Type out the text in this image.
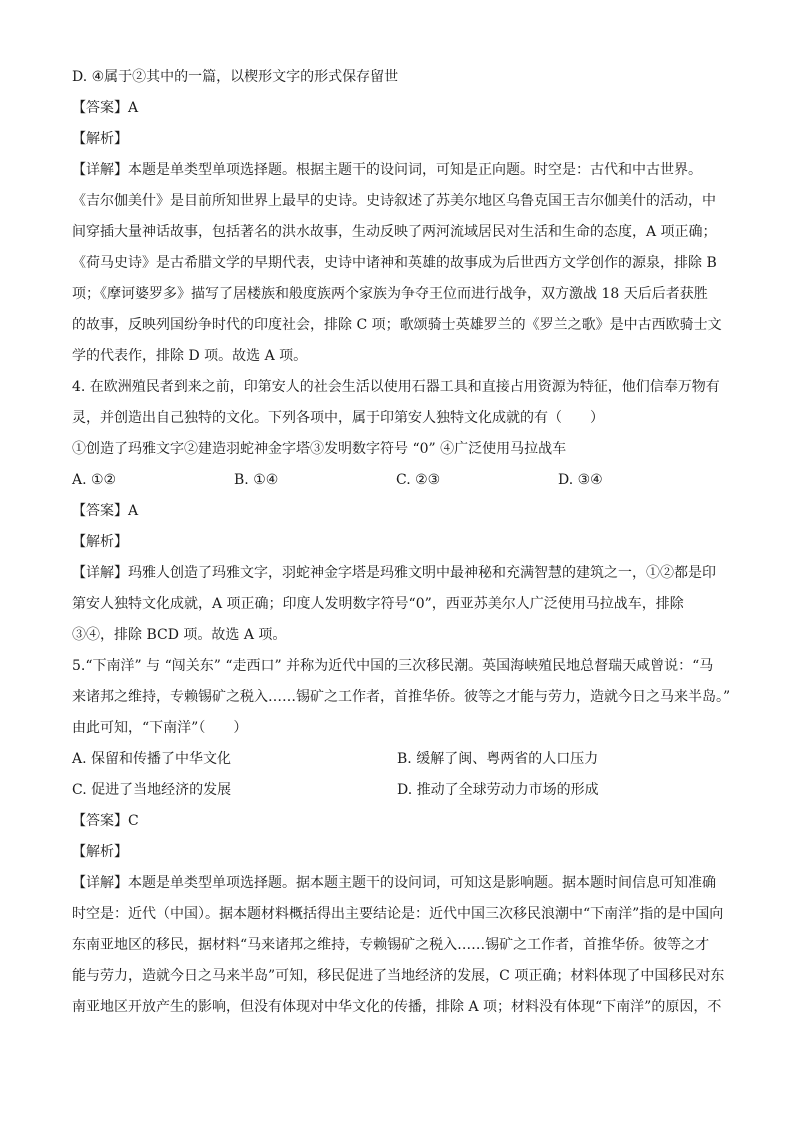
D. ④属于②其中的一篇，以楔形文字的形式保存留世
【答案】A
【解析】
【详解】本题是单类型单项选择题。根据主题干的设问词，可知是正向题。时空是：古代和中古世界。
《吉尔伽美什》是目前所知世界上最早的史诗。史诗叙述了苏美尔地区乌鲁克国王吉尔伽美什的活动，中
间穿插大量神话故事，包括著名的洪水故事，生动反映了两河流域居民对生活和生命的态度，A 项正确；
《荷马史诗》是古希腊文学的早期代表，史诗中诸神和英雄的故事成为后世西方文学创作的源泉，排除 B
项；《摩诃婆罗多》描写了居楼族和般度族两个家族为争夺王位而进行战争，双方激战 18 天后后者获胜
的故事，反映列国纷争时代的印度社会，排除 C 项；歌颂骑士英雄罗兰的《罗兰之歌》是中古西欧骑士文
学的代表作，排除 D 项。故选 A 项。
4. 在欧洲殖民者到来之前，印第安人的社会生活以使用石器工具和直接占用资源为特征，他们信奉万物有
灵，并创造出自己独特的文化。下列各项中，属于印第安人独特文化成就的有（　　）
①创造了玛雅文字②建造羽蛇神金字塔③发明数字符号 “0” ④广泛使用马拉战车
A. ①②	B. ①④	C. ②③	D. ③④
【答案】A
【解析】
【详解】玛雅人创造了玛雅文字，羽蛇神金字塔是玛雅文明中最神秘和充满智慧的建筑之一，①②都是印
第安人独特文化成就，A 项正确；印度人发明数字符号“0”，西亚苏美尔人广泛使用马拉战车，排除
③④，排除 BCD 项。故选 A 项。
5.“下南洋” 与 “闯关东” “走西口” 并称为近代中国的三次移民潮。英国海峡殖民地总督瑞天咸曾说：“马
来诸邦之维持，专赖锡矿之税入……锡矿之工作者，首推华侨。彼等之才能与劳力，造就今日之马来半岛。”
由此可知，“下南洋”（　　）
A. 保留和传播了中华文化	B. 缓解了闽、粤两省的人口压力
C. 促进了当地经济的发展	D. 推动了全球劳动力市场的形成
【答案】C
【解析】
【详解】本题是单类型单项选择题。据本题主题干的设问词，可知这是影响题。据本题时间信息可知准确
时空是：近代（中国）。据本题材料概括得出主要结论是：近代中国三次移民浪潮中“下南洋”指的是中国向
东南亚地区的移民，据材料“马来诸邦之维持，专赖锡矿之税入……锡矿之工作者，首推华侨。彼等之才
能与劳力，造就今日之马来半岛”可知，移民促进了当地经济的发展，C 项正确；材料体现了中国移民对东
南亚地区开放产生的影响，但没有体现对中华文化的传播，排除 A 项；材料没有体现“下南洋”的原因，不
